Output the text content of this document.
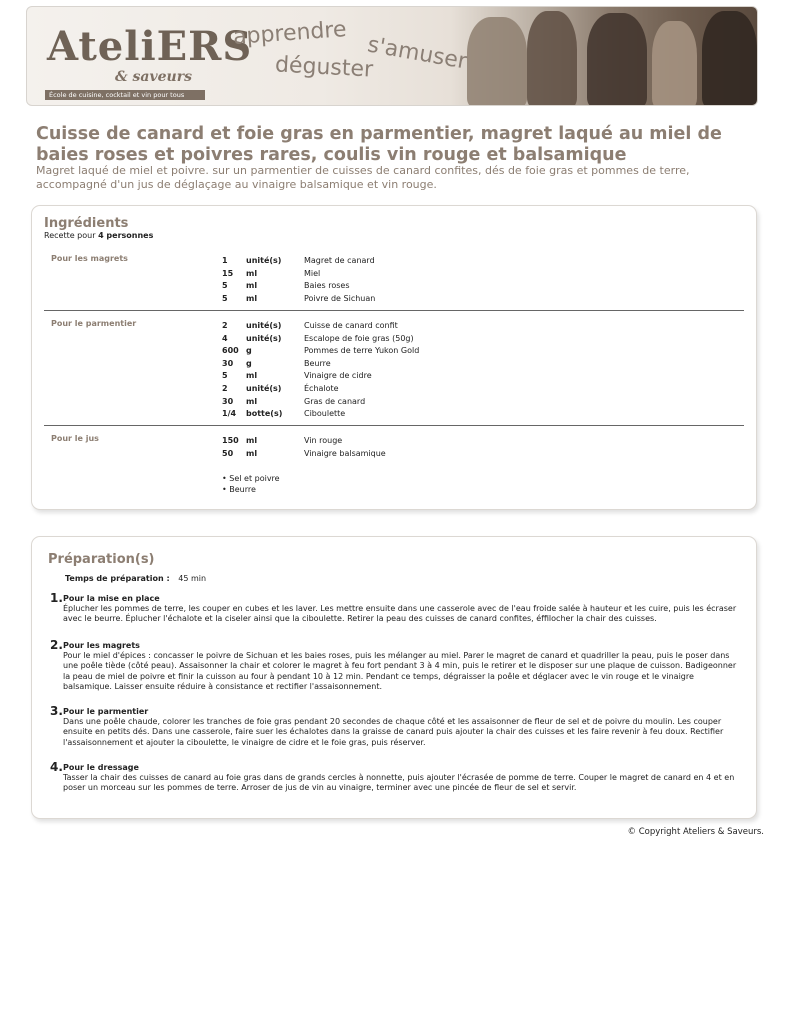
AteliERS
& saveurs
École de cuisine, cocktail et vin pour tous
apprendre
déguster
s'amuser
Cuisse de canard et foie gras en parmentier, magret laqué au miel de baies roses et poivres rares, coulis vin rouge et balsamique
Magret laqué de miel et poivre. sur un parmentier de cuisses de canard confites, dés de foie gras et pommes de terre, accompagné d'un jus de déglaçage au vinaigre balsamique et vin rouge.
Ingrédients
Recette pour 4 personnes
Pour les magrets	1	unité(s)	Magret de canard
15	ml	Miel
5	ml	Baies roses
5	ml	Poivre de Sichuan
Pour le parmentier	2	unité(s)	Cuisse de canard confit
4	unité(s)	Escalope de foie gras (50g)
600 g	Pommes de terre Yukon Gold
30	g	Beurre
5	ml	Vinaigre de cidre
2	unité(s)	Échalote
30	ml	Gras de canard
1/4	botte(s)	Ciboulette
Pour le jus	150 ml	Vin rouge
50	ml	Vinaigre balsamique
• Sel et poivre
• Beurre
Préparation(s)
Temps de préparation : 45 min
1. Pour la mise en place
Éplucher les pommes de terre, les couper en cubes et les laver. Les mettre ensuite dans une casserole avec de l'eau froide salée à hauteur et les cuire, puis les écraser avec le beurre. Éplucher l'échalote et la ciseler ainsi que la ciboulette. Retirer la peau des cuisses de canard confites, éffilocher la chair des cuisses.
2. Pour les magrets
Pour le miel d'épices : concasser le poivre de Sichuan et les baies roses, puis les mélanger au miel. Parer le magret de canard et quadriller la peau, puis le poser dans une poêle tiède (côté peau). Assaisonner la chair et colorer le magret à feu fort pendant 3 à 4 min, puis le retirer et le disposer sur une plaque de cuisson. Badigeonner la peau de miel de poivre et finir la cuisson au four à pendant 10 à 12 min. Pendant ce temps, dégraisser la poêle et déglacer avec le vin rouge et le vinaigre balsamique. Laisser ensuite réduire à consistance et rectifier l'assaisonnement.
3. Pour le parmentier
Dans une poêle chaude, colorer les tranches de foie gras pendant 20 secondes de chaque côté et les assaisonner de fleur de sel et de poivre du moulin. Les couper ensuite en petits dés. Dans une casserole, faire suer les échalotes dans la graisse de canard puis ajouter la chair des cuisses et les faire revenir à feu doux. Rectifier l'assaisonnement et ajouter la ciboulette, le vinaigre de cidre et le foie gras, puis réserver.
4. Pour le dressage
Tasser la chair des cuisses de canard au foie gras dans de grands cercles à nonnette, puis ajouter l'écrasée de pomme de terre. Couper le magret de canard en 4 et en poser un morceau sur les pommes de terre. Arroser de jus de vin au vinaigre, terminer avec une pincée de fleur de sel et servir.
© Copyright Ateliers & Saveurs.
